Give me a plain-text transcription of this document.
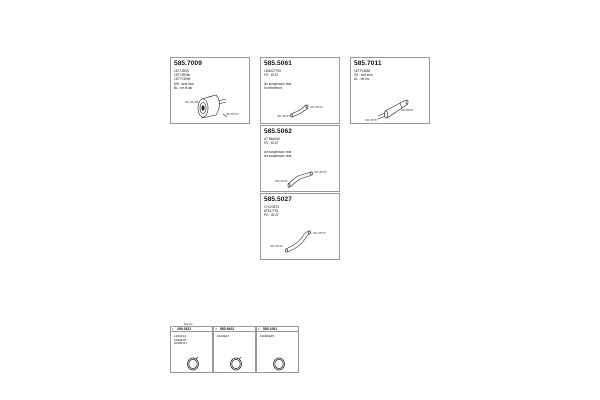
585.7009
1677J9D5
1677J9D6h
1677Y3006
MS : sets l/cm
BL : rel lft wk
OD 45 38
OD 50 57
585.5061
1DA027795
FS : ID.67
Air suspension rear
In reihe/front
OD 45 57
OD 45 57
585.7011
1677Y3654
SS : self l/cm
UL : rel mv
OD 45 57
OD 50 57
585.5062
A7 B6A4W
FS : ID.67
Air suspension rear
Air suspension rear
OD 45 57
OD 45 57
585.5027
1YK20873
87327733
PD : ID.47
OD 45 57
OD 45 57
Bande
1 399.2622
1234C14
1094E78
20409717
4 585.9622
16A0E17
1 585.1061
13D00E97
